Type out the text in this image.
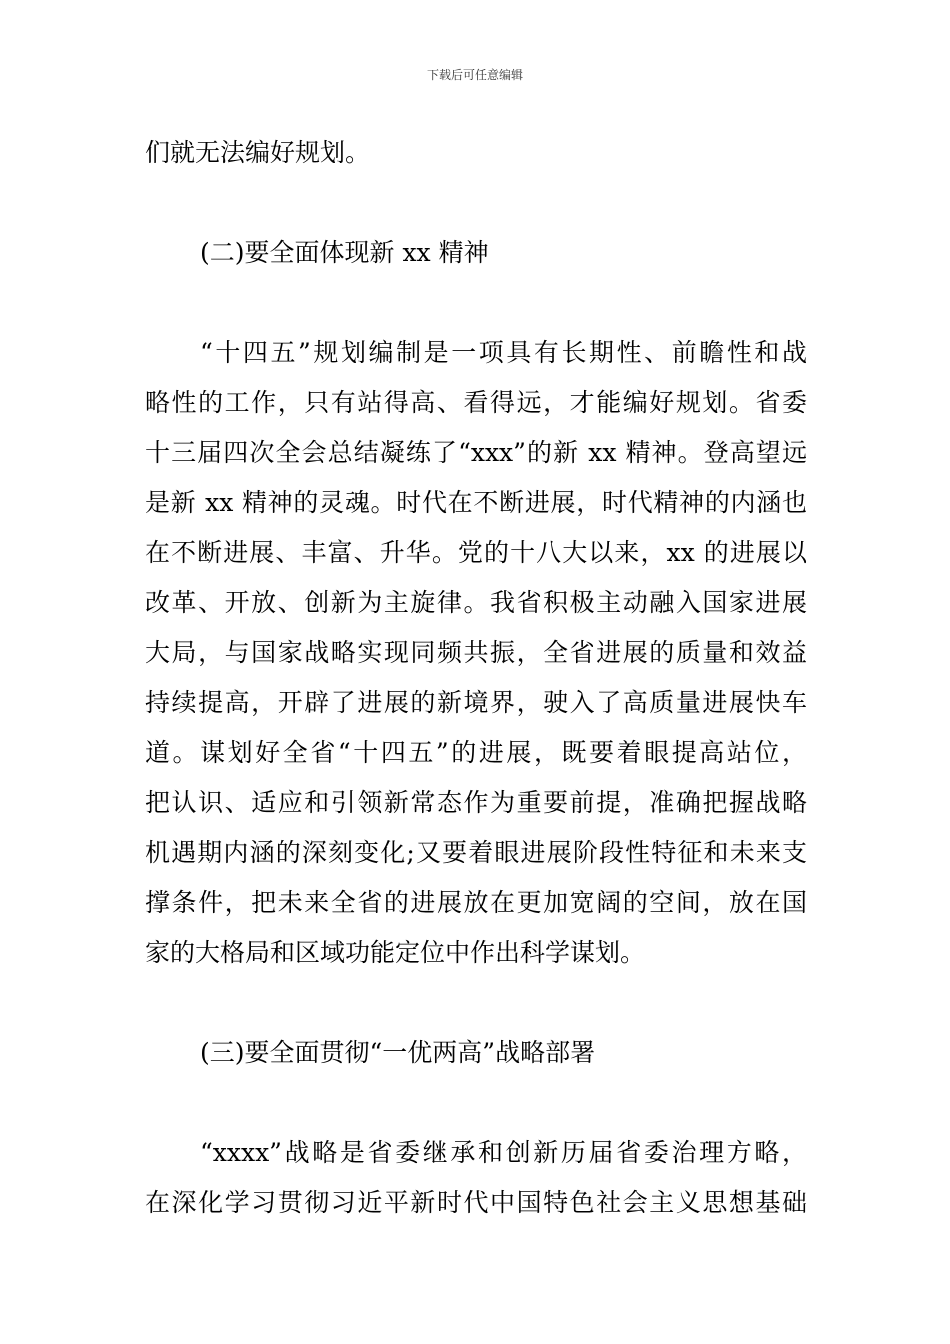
下载后可任意编辑
们就无法编好规划。
(二)要全面体现新 xx 精神
“十四五”规划编制是一项具有长期性、前瞻性和战
略性的工作，只有站得高、看得远，才能编好规划。省委
十三届四次全会总结凝练了“xxx”的新 xx 精神。登高望远
是新 xx 精神的灵魂。时代在不断进展，时代精神的内涵也
在不断进展、丰富、升华。党的十八大以来，xx 的进展以
改革、开放、创新为主旋律。我省积极主动融入国家进展
大局，与国家战略实现同频共振，全省进展的质量和效益
持续提高，开辟了进展的新境界，驶入了高质量进展快车
道。谋划好全省“十四五”的进展，既要着眼提高站位，
把认识、适应和引领新常态作为重要前提，准确把握战略
机遇期内涵的深刻变化;又要着眼进展阶段性特征和未来支
撑条件，把未来全省的进展放在更加宽阔的空间，放在国
家的大格局和区域功能定位中作出科学谋划。
(三)要全面贯彻“一优两高”战略部署
“xxxx”战略是省委继承和创新历届省委治理方略，
在深化学习贯彻习近平新时代中国特色社会主义思想基础
